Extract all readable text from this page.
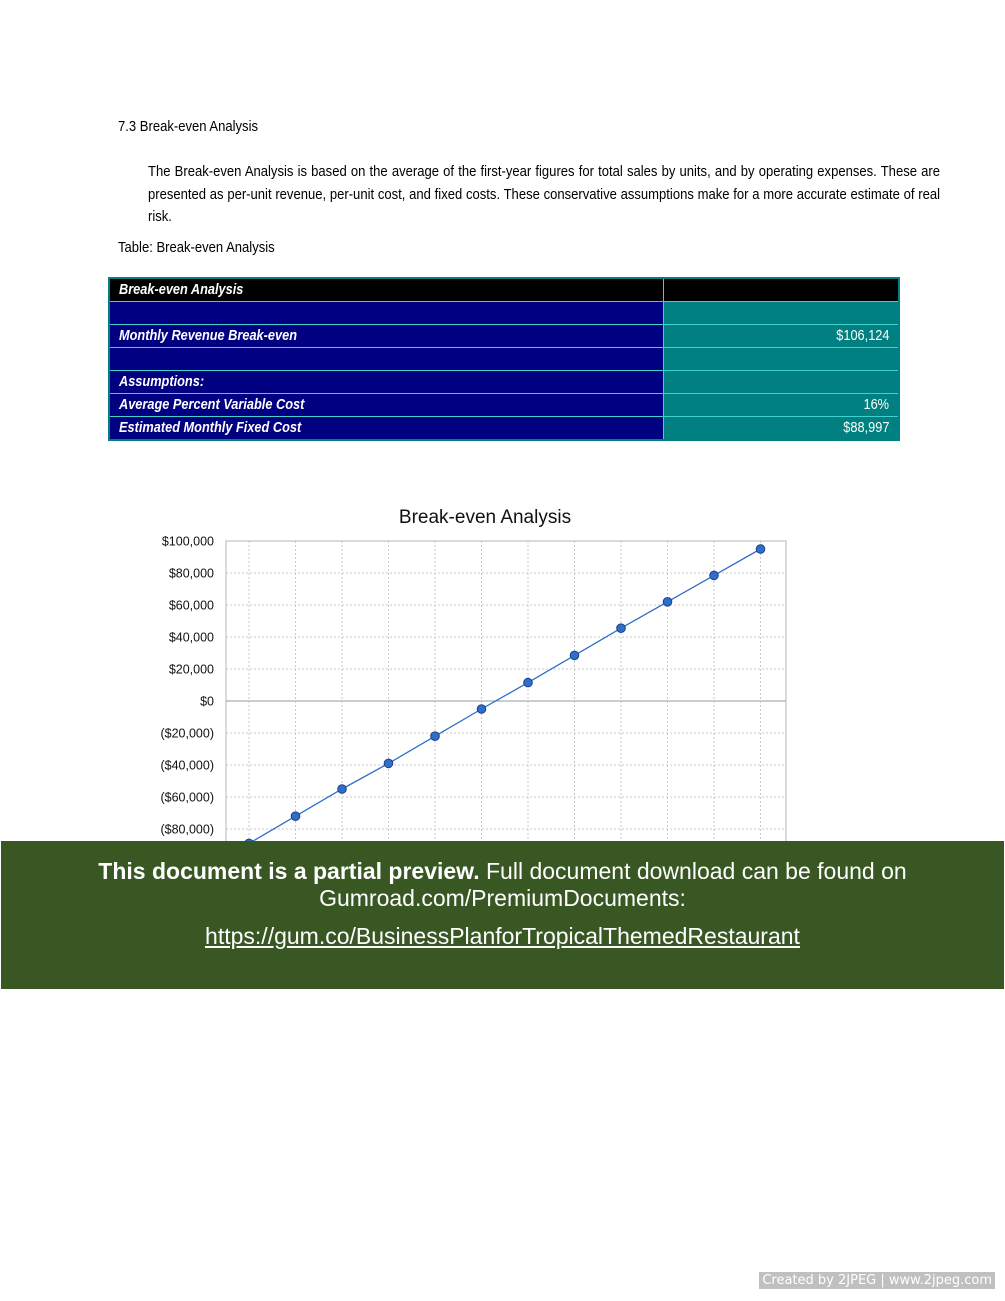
7.3 Break-even Analysis
The Break-even Analysis is based on the average of the first-year figures for total sales by units, and by operating expenses. These are presented as per-unit revenue, per-unit cost, and fixed costs. These conservative assumptions make for a more accurate estimate of real risk.
Table: Break-even Analysis
Break-even Analysis
Monthly Revenue Break-even	$106,124
Assumptions:
Average Percent Variable Cost	16%
Estimated Monthly Fixed Cost	$88,997
Break-even Analysis
$100,000
$80,000
$60,000
$40,000
$20,000
$0
($20,000)
($40,000)
($60,000)
($80,000)
This document is a partial preview. Full document download can be found on Gumroad.com/PremiumDocuments:
https://gum.co/BusinessPlanforTropicalThemedRestaurant
Created by 2JPEG | www.2jpeg.com
